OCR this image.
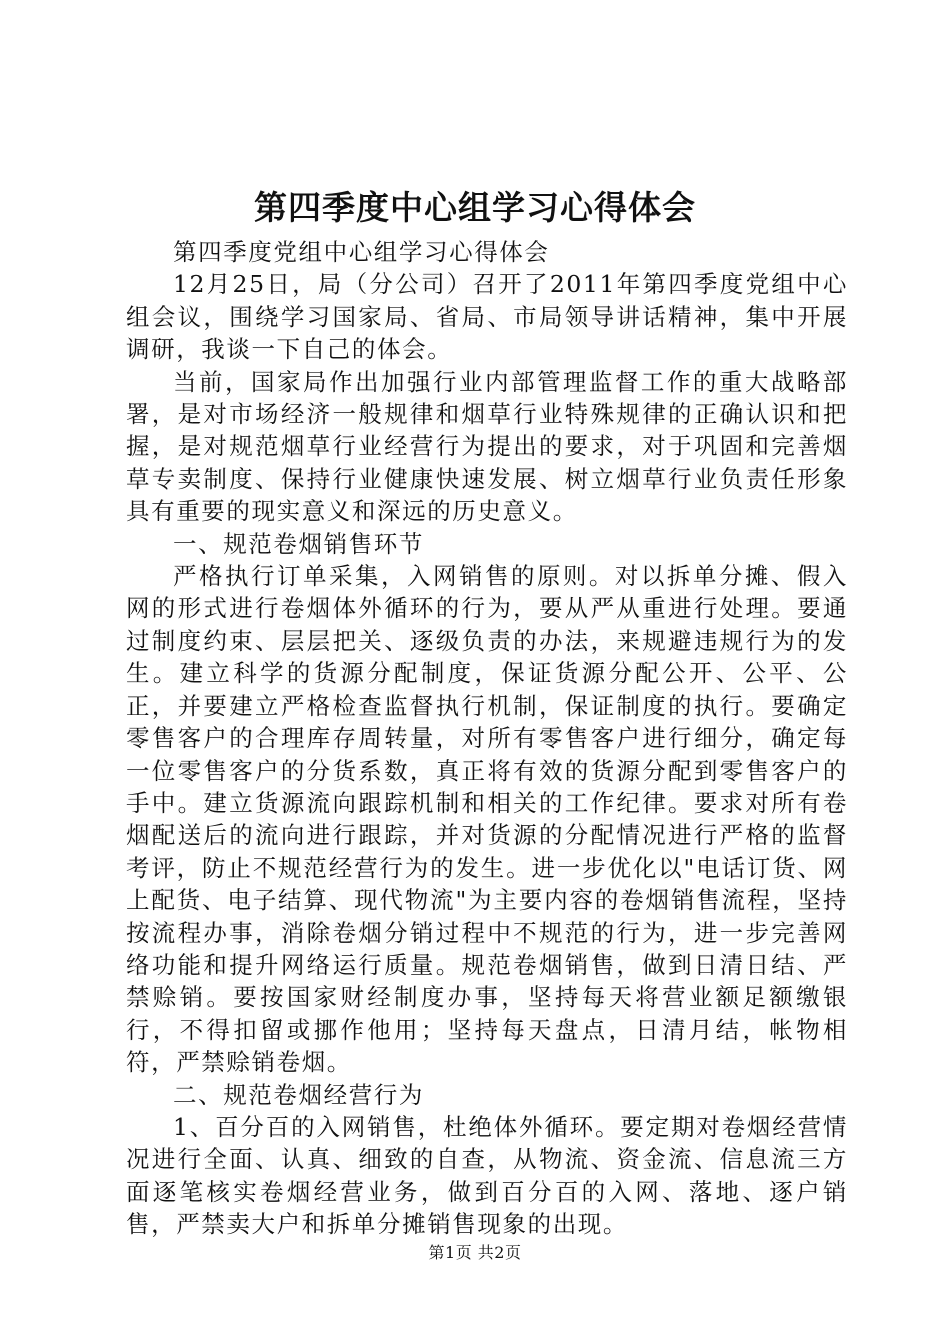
第四季度中心组学习心得体会

第四季度党组中心组学习心得体会

12月25日，局（分公司）召开了2011年第四季度党组中心组会议，围绕学习国家局、省局、市局领导讲话精神，集中开展调研，我谈一下自己的体会。

当前，国家局作出加强行业内部管理监督工作的重大战略部署，是对市场经济一般规律和烟草行业特殊规律的正确认识和把握，是对规范烟草行业经营行为提出的要求，对于巩固和完善烟草专卖制度、保持行业健康快速发展、树立烟草行业负责任形象具有重要的现实意义和深远的历史意义。

一、规范卷烟销售环节

严格执行订单采集，入网销售的原则。对以拆单分摊、假入网的形式进行卷烟体外循环的行为，要从严从重进行处理。要通过制度约束、层层把关、逐级负责的办法，来规避违规行为的发生。建立科学的货源分配制度，保证货源分配公开、公平、公正，并要建立严格检查监督执行机制，保证制度的执行。要确定零售客户的合理库存周转量，对所有零售客户进行细分，确定每一位零售客户的分货系数，真正将有效的货源分配到零售客户的手中。建立货源流向跟踪机制和相关的工作纪律。要求对所有卷烟配送后的流向进行跟踪，并对货源的分配情况进行严格的监督考评，防止不规范经营行为的发生。进一步优化以"电话订货、网上配货、电子结算、现代物流"为主要内容的卷烟销售流程，坚持按流程办事，消除卷烟分销过程中不规范的行为，进一步完善网络功能和提升网络运行质量。规范卷烟销售，做到日清日结、严禁赊销。要按国家财经制度办事，坚持每天将营业额足额缴银行，不得扣留或挪作他用；坚持每天盘点，日清月结，帐物相符，严禁赊销卷烟。

二、规范卷烟经营行为

1、百分百的入网销售，杜绝体外循环。要定期对卷烟经营情况进行全面、认真、细致的自查，从物流、资金流、信息流三方面逐笔核实卷烟经营业务，做到百分百的入网、落地、逐户销售，严禁卖大户和拆单分摊销售现象的出现。

第1页 共2页
